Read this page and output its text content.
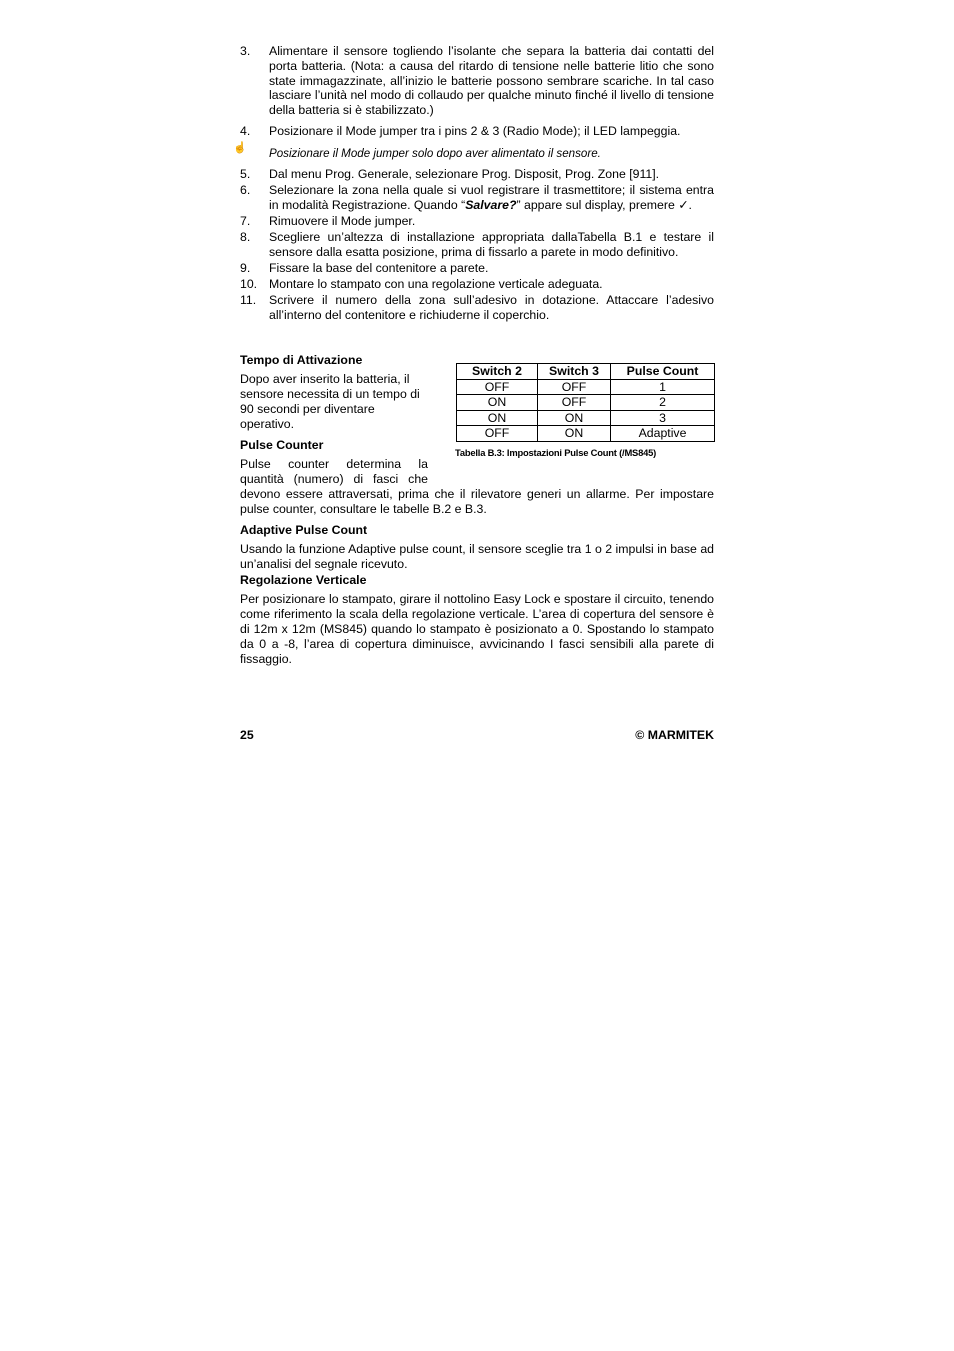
3. Alimentare il sensore togliendo l’isolante che separa la batteria dai contatti del porta batteria. (Nota: a causa del ritardo di tensione nelle batterie litio che sono state immagazzinate, all’inizio le batterie possono sembrare scariche. In tal caso lasciare l’unità nel modo di collaudo per qualche minuto finché il livello di tensione della batteria si è stabilizzato.)
4. Posizionare il Mode jumper tra i pins 2 & 3 (Radio Mode); il LED lampeggia.
☝ Posizionare il Mode jumper solo dopo aver alimentato il sensore.
5. Dal menu Prog. Generale, selezionare Prog. Disposit, Prog. Zone [911].
6. Selezionare la zona nella quale si vuol registrare il trasmettitore; il sistema entra in modalità Registrazione. Quando “Salvare?” appare sul display, premere ✓.
7. Rimuovere il Mode jumper.
8. Scegliere un’altezza di installazione appropriata dallaTabella B.1 e testare il sensore dalla esatta posizione, prima di fissarlo a parete in modo definitivo.
9. Fissare la base del contenitore a parete.
10. Montare lo stampato con una regolazione verticale adeguata.
11. Scrivere il numero della zona sull’adesivo in dotazione. Attaccare l’adesivo all’interno del contenitore e richiuderne il coperchio.
Tempo di Attivazione

Dopo aver inserito la batteria, il sensore necessita di un tempo di 90 secondi per diventare operativo.

Pulse Counter

Pulse counter determina la quantità (numero) di fasci che

devono essere attraversati, prima che il rilevatore generi un allarme. Per impostare pulse counter, consultare le tabelle B.2 e B.3.

Adaptive Pulse Count

Usando la funzione Adaptive pulse count, il sensore sceglie tra 1 o 2 impulsi in base ad un’analisi del segnale ricevuto.

Regolazione Verticale

Per posizionare lo stampato, girare il nottolino Easy Lock e spostare il circuito, tenendo come riferimento la scala della regolazione verticale. L’area di copertura del sensore è di 12m x 12m (MS845) quando lo stampato è posizionato a 0. Spostando lo stampato da 0 a -8, l’area di copertura diminuisce, avvicinando I fasci sensibili alla parete di fissaggio.

Switch 2	Switch 3	Pulse Count
OFF	OFF	1
ON	OFF	2
ON	ON	3
OFF	ON	Adaptive
Tabella B.3: Impostazioni Pulse Count (/MS845)
25	© MARMITEK
